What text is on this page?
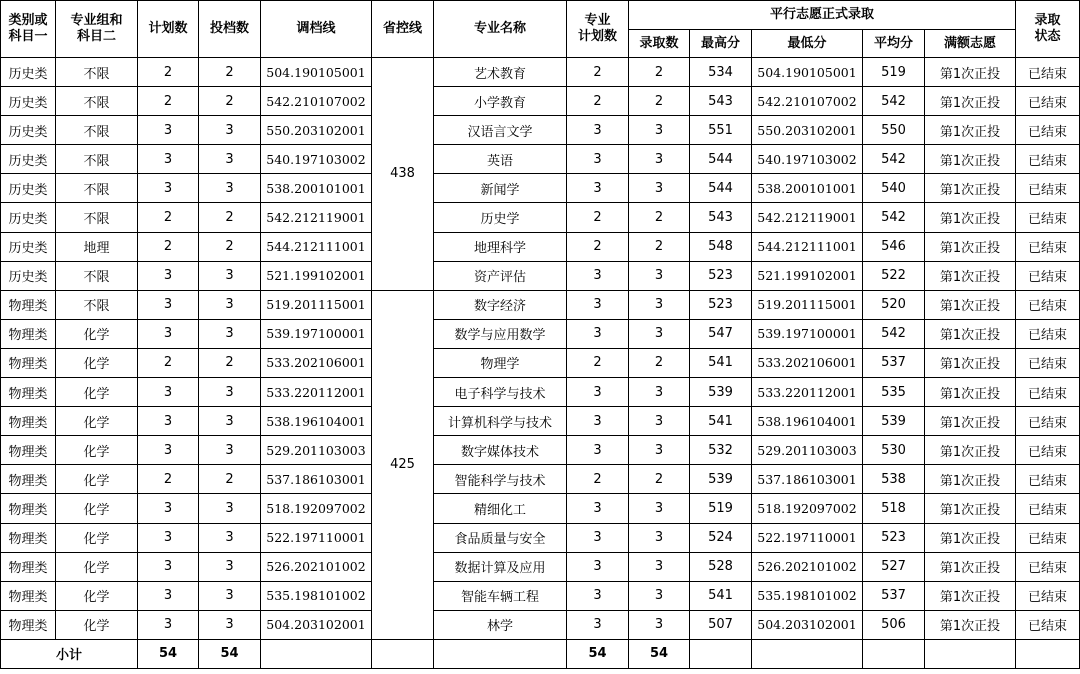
类别或
科目一	专业组和
科目二	计划数	投档数	调档线	省控线	专业名称	专业
计划数	平行志愿正式录取					录取
状态
								录取数	最高分	最低分	平均分	满额志愿	
历史类	不限	2	2	504.190105001	438	艺术教育	2	2	534	504.190105001	519	第1次正投	已结束
历史类	不限	2	2	542.210107002		小学教育	2	2	543	542.210107002	542	第1次正投	已结束
历史类	不限	3	3	550.203102001		汉语言文学	3	3	551	550.203102001	550	第1次正投	已结束
历史类	不限	3	3	540.197103002		英语	3	3	544	540.197103002	542	第1次正投	已结束
历史类	不限	3	3	538.200101001		新闻学	3	3	544	538.200101001	540	第1次正投	已结束
历史类	不限	2	2	542.212119001		历史学	2	2	543	542.212119001	542	第1次正投	已结束
历史类	地理	2	2	544.212111001		地理科学	2	2	548	544.212111001	546	第1次正投	已结束
历史类	不限	3	3	521.199102001		资产评估	3	3	523	521.199102001	522	第1次正投	已结束
物理类	不限	3	3	519.201115001	425	数字经济	3	3	523	519.201115001	520	第1次正投	已结束
物理类	化学	3	3	539.197100001		数学与应用数学	3	3	547	539.197100001	542	第1次正投	已结束
物理类	化学	2	2	533.202106001		物理学	2	2	541	533.202106001	537	第1次正投	已结束
物理类	化学	3	3	533.220112001		电子科学与技术	3	3	539	533.220112001	535	第1次正投	已结束
物理类	化学	3	3	538.196104001		计算机科学与技术	3	3	541	538.196104001	539	第1次正投	已结束
物理类	化学	3	3	529.201103003		数字媒体技术	3	3	532	529.201103003	530	第1次正投	已结束
物理类	化学	2	2	537.186103001		智能科学与技术	2	2	539	537.186103001	538	第1次正投	已结束
物理类	化学	3	3	518.192097002		精细化工	3	3	519	518.192097002	518	第1次正投	已结束
物理类	化学	3	3	522.197110001		食品质量与安全	3	3	524	522.197110001	523	第1次正投	已结束
物理类	化学	3	3	526.202101002		数据计算及应用	3	3	528	526.202101002	527	第1次正投	已结束
物理类	化学	3	3	535.198101002		智能车辆工程	3	3	541	535.198101002	537	第1次正投	已结束
物理类	化学	3	3	504.203102001		林学	3	3	507	504.203102001	506	第1次正投	已结束
小计		54	54				54	54					
